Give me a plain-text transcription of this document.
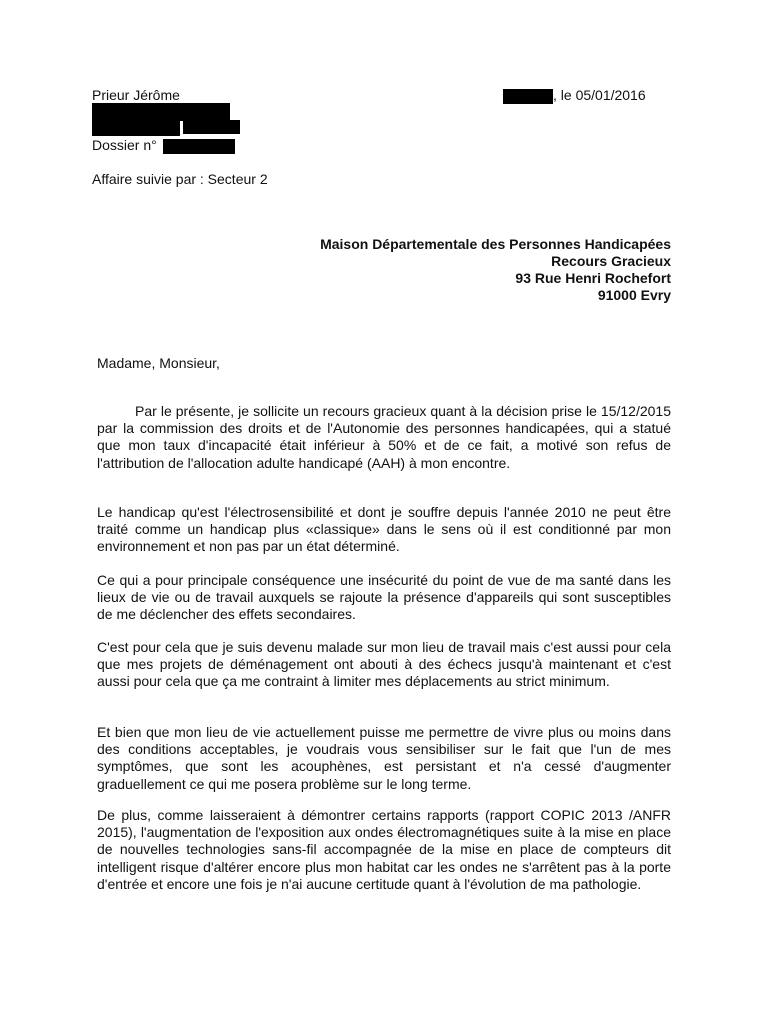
Prieur Jérôme	, le 05/01/2016
Dossier n°
Affaire suivie par : Secteur 2
Maison Départementale des Personnes Handicapées
Recours Gracieux
93 Rue Henri Rochefort
91000 Evry
Madame, Monsieur,
Par le présente, je sollicite un recours gracieux quant à la décision prise le 15/12/2015 par la commission des droits et de l'Autonomie des personnes handicapées, qui a statué que mon taux d'incapacité était inférieur à 50% et de ce fait, a motivé son refus de l'attribution de l'allocation adulte handicapé (AAH) à mon encontre.
Le handicap qu'est l'électrosensibilité et dont je souffre depuis l'année 2010 ne peut être traité comme un handicap plus «classique» dans le sens où il est conditionné par mon environnement et non pas par un état déterminé.
Ce qui a pour principale conséquence une insécurité du point de vue de ma santé dans les lieux de vie ou de travail auxquels se rajoute la présence d'appareils qui sont susceptibles de me déclencher des effets secondaires.
C'est pour cela que je suis devenu malade sur mon lieu de travail mais c'est aussi pour cela que mes projets de déménagement ont abouti à des échecs jusqu'à maintenant et c'est aussi pour cela que ça me contraint à limiter mes déplacements au strict minimum.
Et bien que mon lieu de vie actuellement puisse me permettre de vivre plus ou moins dans des conditions acceptables, je voudrais vous sensibiliser sur le fait que l'un de mes symptômes, que sont les acouphènes, est persistant et n'a cessé d'augmenter graduellement ce qui me posera problème sur le long terme.
De plus, comme laisseraient à démontrer certains rapports (rapport COPIC 2013 /ANFR 2015), l'augmentation de l'exposition aux ondes électromagnétiques suite à la mise en place de nouvelles technologies sans-fil accompagnée de la mise en place de compteurs dit intelligent risque d'altérer encore plus mon habitat car les ondes ne s'arrêtent pas à la porte d'entrée et encore une fois je n'ai aucune certitude quant à l'évolution de ma pathologie.
